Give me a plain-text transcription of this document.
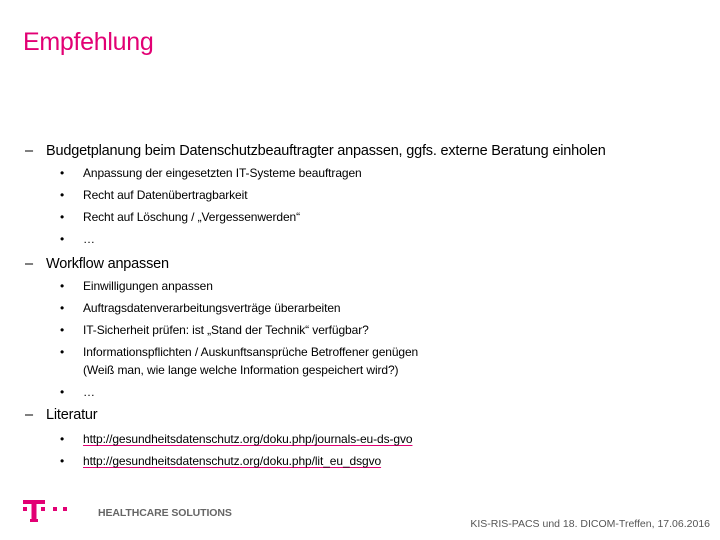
Empfehlung
– Budgetplanung beim Datenschutzbeauftragter anpassen, ggfs. externe Beratung einholen
• Anpassung der eingesetzten IT-Systeme beauftragen
• Recht auf Datenübertragbarkeit
• Recht auf Löschung / „Vergessenwerden“
• …
– Workflow anpassen
• Einwilligungen anpassen
• Auftragsdatenverarbeitungsverträge überarbeiten
• IT-Sicherheit prüfen: ist „Stand der Technik“ verfügbar?
• Informationspflichten / Auskunftsansprüche Betroffener genügen
(Weiß man, wie lange welche Information gespeichert wird?)
• …
– Literatur
• http://gesundheitsdatenschutz.org/doku.php/journals-eu-ds-gvo
• http://gesundheitsdatenschutz.org/doku.php/lit_eu_dsgvo
HEALTHCARE SOLUTIONS
KIS-RIS-PACS und 18. DICOM-Treffen, 17.06.2016
